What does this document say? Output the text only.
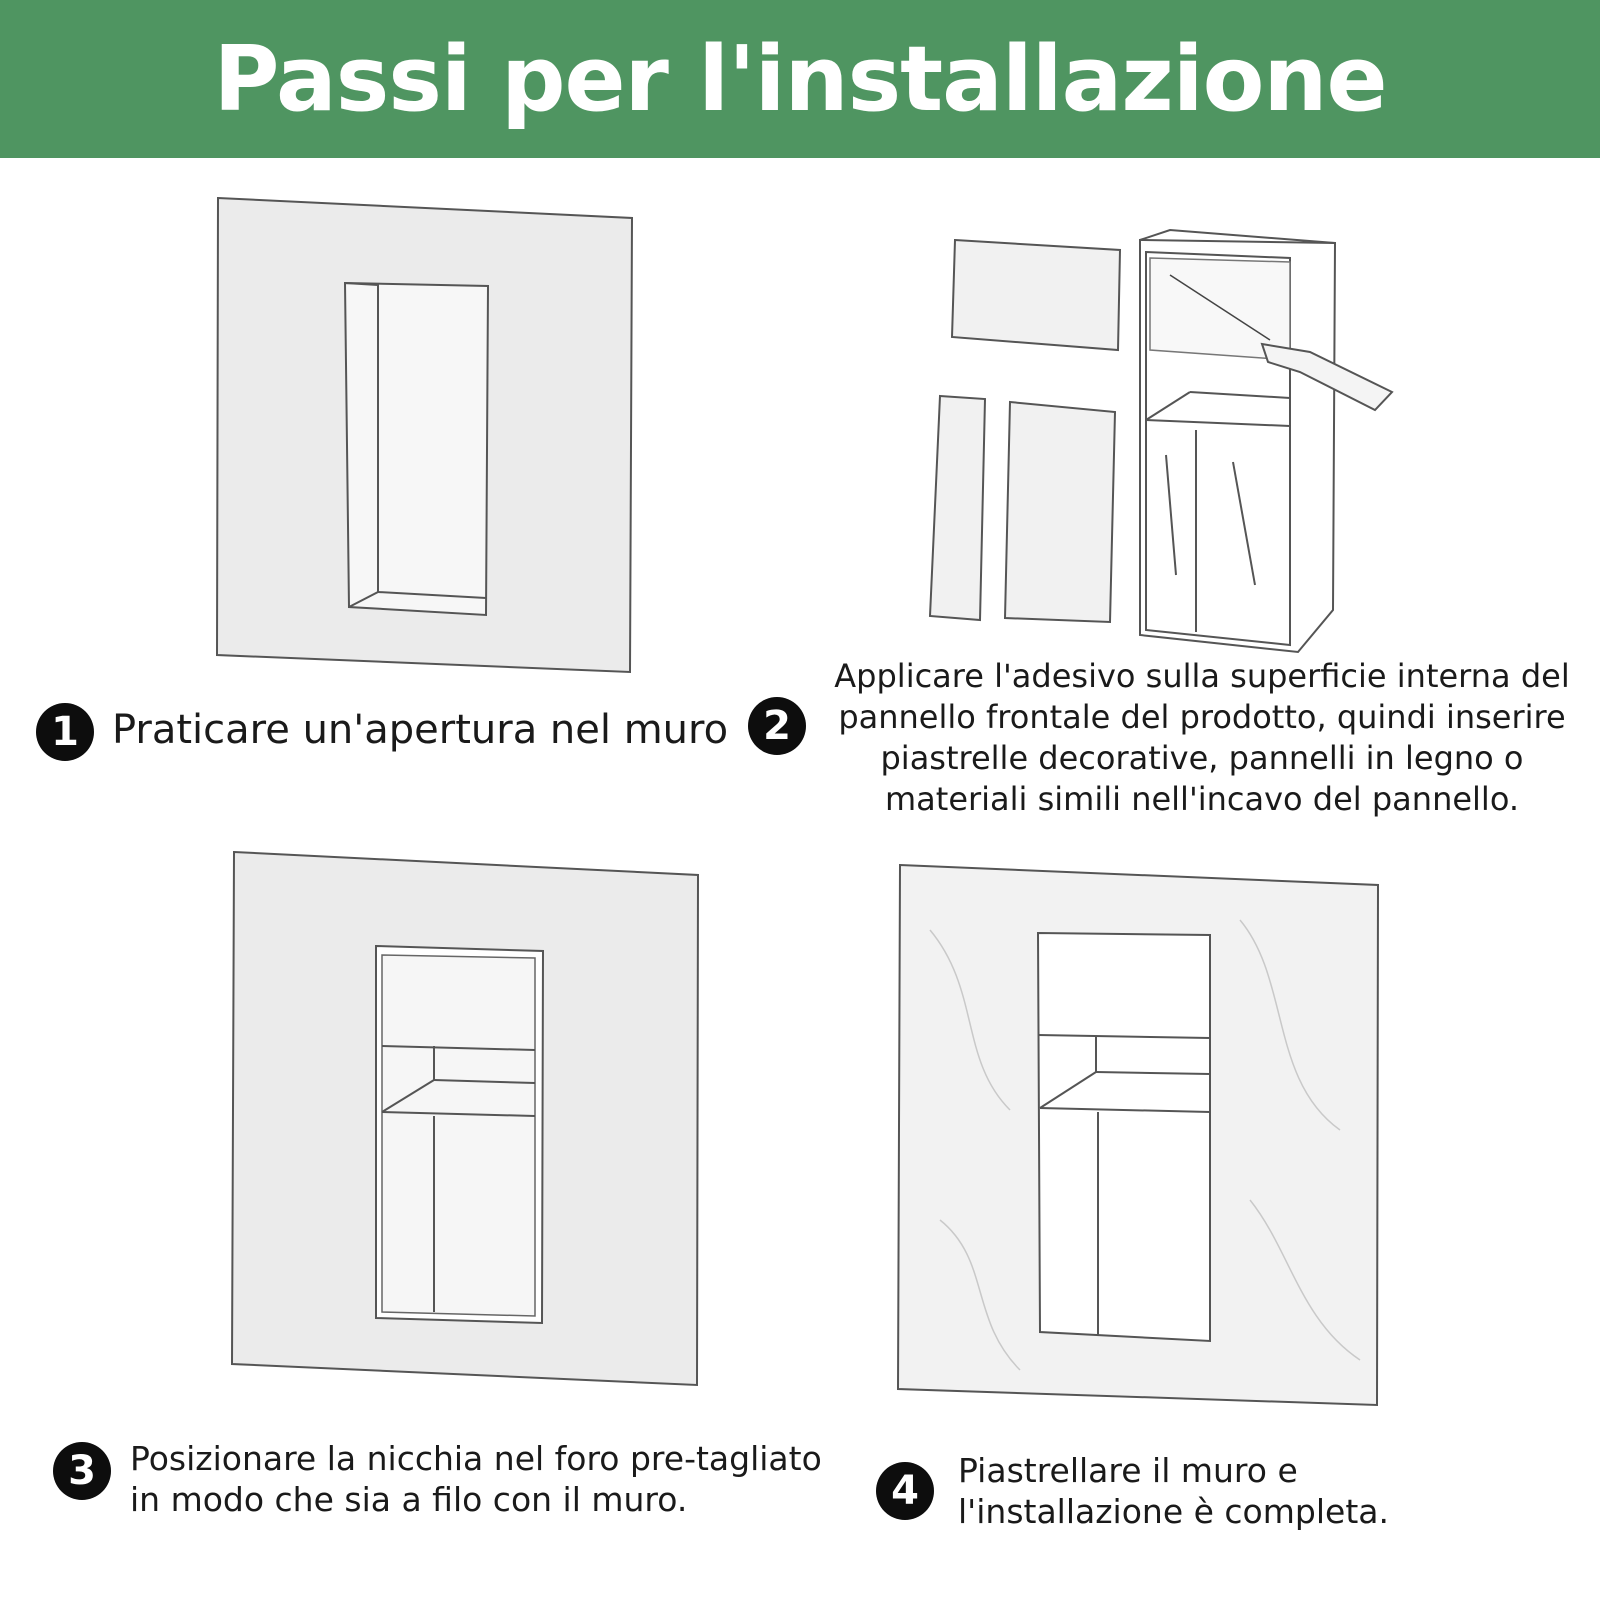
Passi per l'installazione
1 Praticare un'apertura nel muro 2
Applicare l'adesivo sulla superficie interna del
pannello frontale del prodotto, quindi inserire
piastrelle decorative, pannelli in legno o
materiali simili nell'incavo del pannello.
3	Posizionare la nicchia nel foro pre-tagliato
in modo che sia a filo con il muro.	4	Piastrellare il muro e
l'installazione è completa.
